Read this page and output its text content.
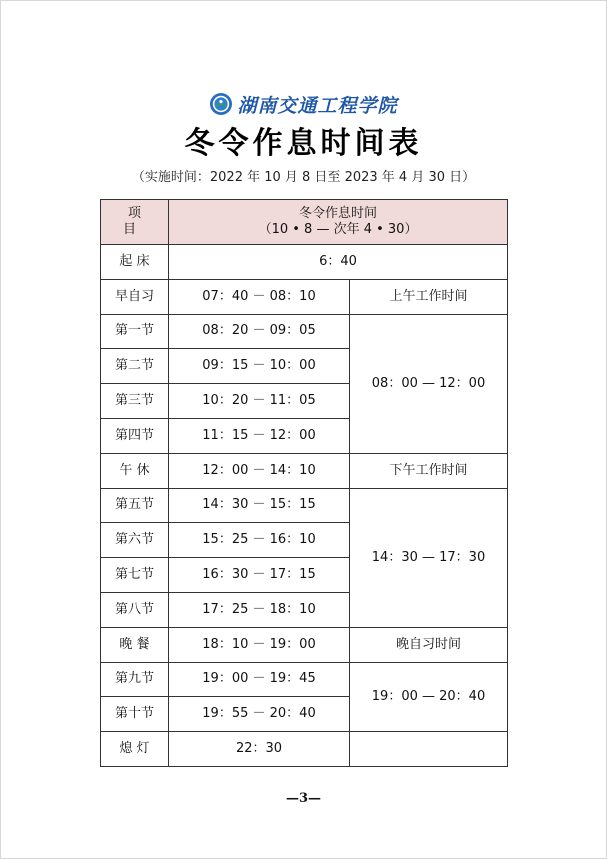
湖南交通工程学院
冬令作息时间表
（实施时间：2022 年 10 月 8 日至 2023 年 4 月 30 日）
项 目	冬令作息时间
（10 • 8 — 次年 4 • 30）	

起 床	6：40	
早自习	07：40 － 08：10	上午工作时间
第一节	08：20 － 09：05	08：00 — 12：00
第二节	09：15 － 10：00	
第三节	10：20 － 11：05	
第四节	11：15 － 12：00	
午 休	12：00 － 14：10	下午工作时间
第五节	14：30 － 15：15	14：30 — 17：30
第六节	15：25 － 16：10	
第七节	16：30 － 17：15	
第八节	17：25 － 18：10	
晚 餐	18：10 － 19：00	晚自习时间
第九节	19：00 － 19：45	19：00 — 20：40
第十节	19：55 － 20：40	
熄 灯	22：30	
—3—
